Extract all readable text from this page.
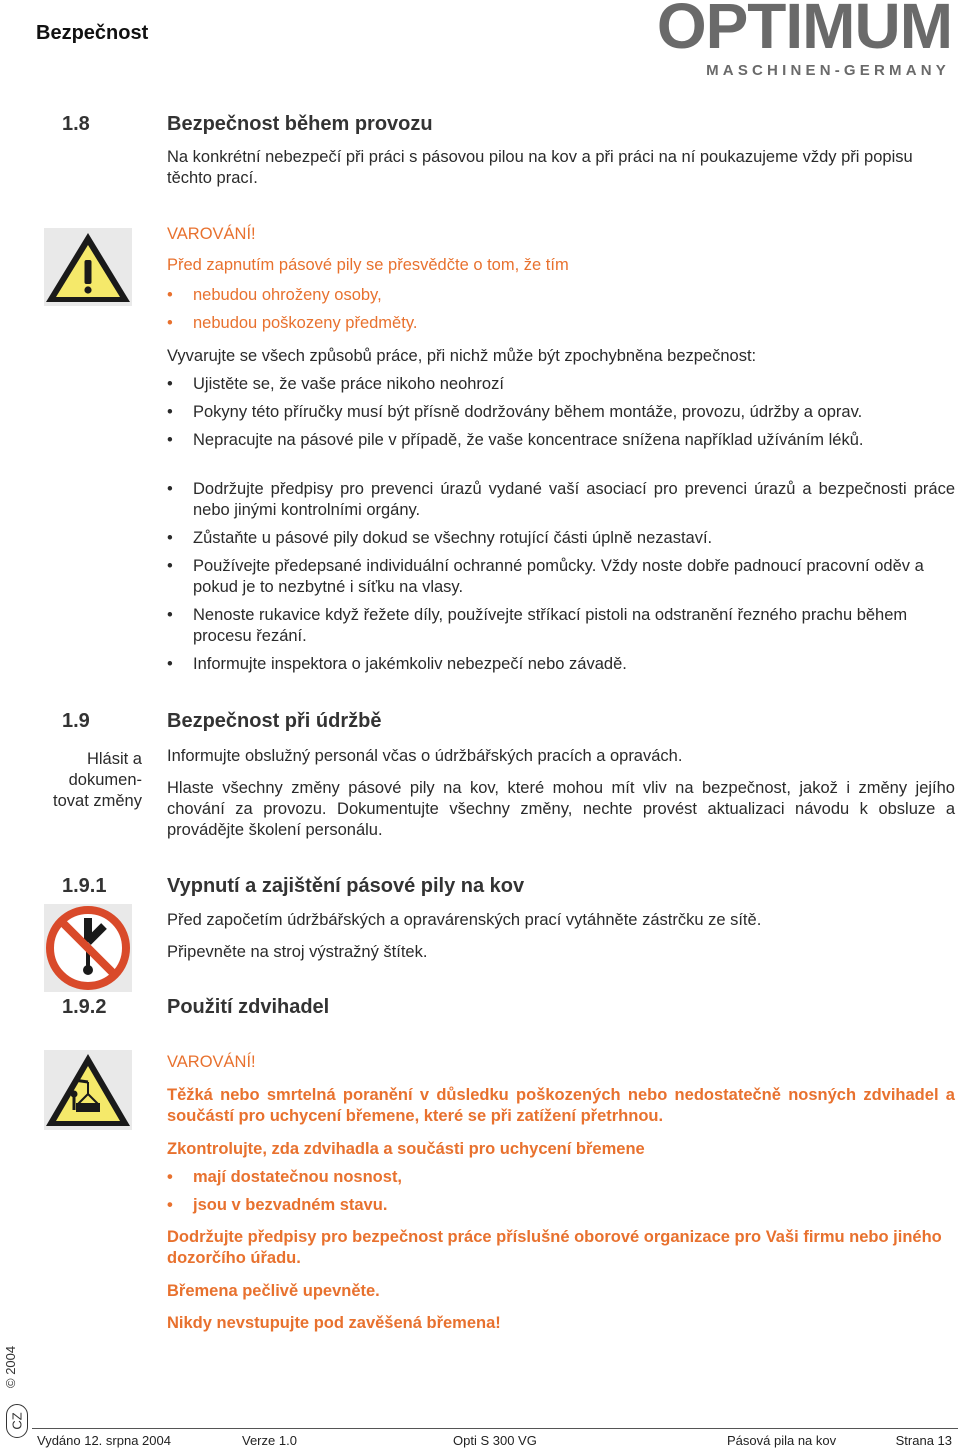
Bezpečnost	OPTIMUM
MASCHINEN-GERMANY
1.8	Bezpečnost během provozu
Na konkrétní nebezpečí při práci s pásovou pilou na kov a při práci na ní poukazujeme vždy při popisu těchto prací.
VAROVÁNÍ!
Před zapnutím pásové pily se přesvědčte o tom, že tím
• nebudou ohroženy osoby,
• nebudou poškozeny předměty.
Vyvarujte se všech způsobů práce, při nichž může být zpochybněna bezpečnost:
• Ujistěte se, že vaše práce nikoho neohrozí
• Pokyny této příručky musí být přísně dodržovány během montáže, provozu, údržby a oprav.
• Nepracujte na pásové pile v případě, že vaše koncentrace snížena například užíváním léků.
• Dodržujte předpisy pro prevenci úrazů vydané vaší asociací pro prevenci úrazů a bezpečnosti práce nebo jinými kontrolními orgány.
• Zůstaňte u pásové pily dokud se všechny rotující části úplně nezastaví.
• Používejte předepsané individuální ochranné pomůcky. Vždy noste dobře padnoucí pracovní oděv a pokud je to nezbytné i síťku na vlasy.
• Nenoste rukavice když řežete díly, používejte stříkací pistoli na odstranění řezného prachu během procesu řezání.
• Informujte inspektora o jakémkoliv nebezpečí nebo závadě.
1.9	Bezpečnost při údržbě
Hlásit a
dokumen-
tovat změny
Informujte obslužný personál včas o údržbářských pracích a opravách.
Hlaste všechny změny pásové pily na kov, které mohou mít vliv na bezpečnost, jakož i změny jejího chování za provozu. Dokumentujte všechny změny, nechte provést aktualizaci návodu k obsluze a provádějte školení personálu.
1.9.1	Vypnutí a zajištění pásové pily na kov
Před započetím údržbářských a opravárenských prací vytáhněte zástrčku ze sítě.
Připevněte na stroj výstražný štítek.
1.9.2	Použití zdvihadel
VAROVÁNÍ!
Těžká nebo smrtelná poranění v důsledku poškozených nebo nedostatečně nosných zdvihadel a součástí pro uchycení břemene, které se při zatížení přetrhnou.
Zkontrolujte, zda zdvihadla a součásti pro uchycení břemene
• mají dostatečnou nosnost,
• jsou v bezvadném stavu.
Dodržujte předpisy pro bezpečnost práce příslušné oborové organizace pro Vaši firmu nebo jiného dozorčího úřadu.
Břemena pečlivě upevněte.
Nikdy nevstupujte pod zavěšená břemena!
© 2004
CZ
Vydáno 12. srpna 2004	Verze 1.0	Opti S 300 VG	Pásová pila na kov	Strana 13
